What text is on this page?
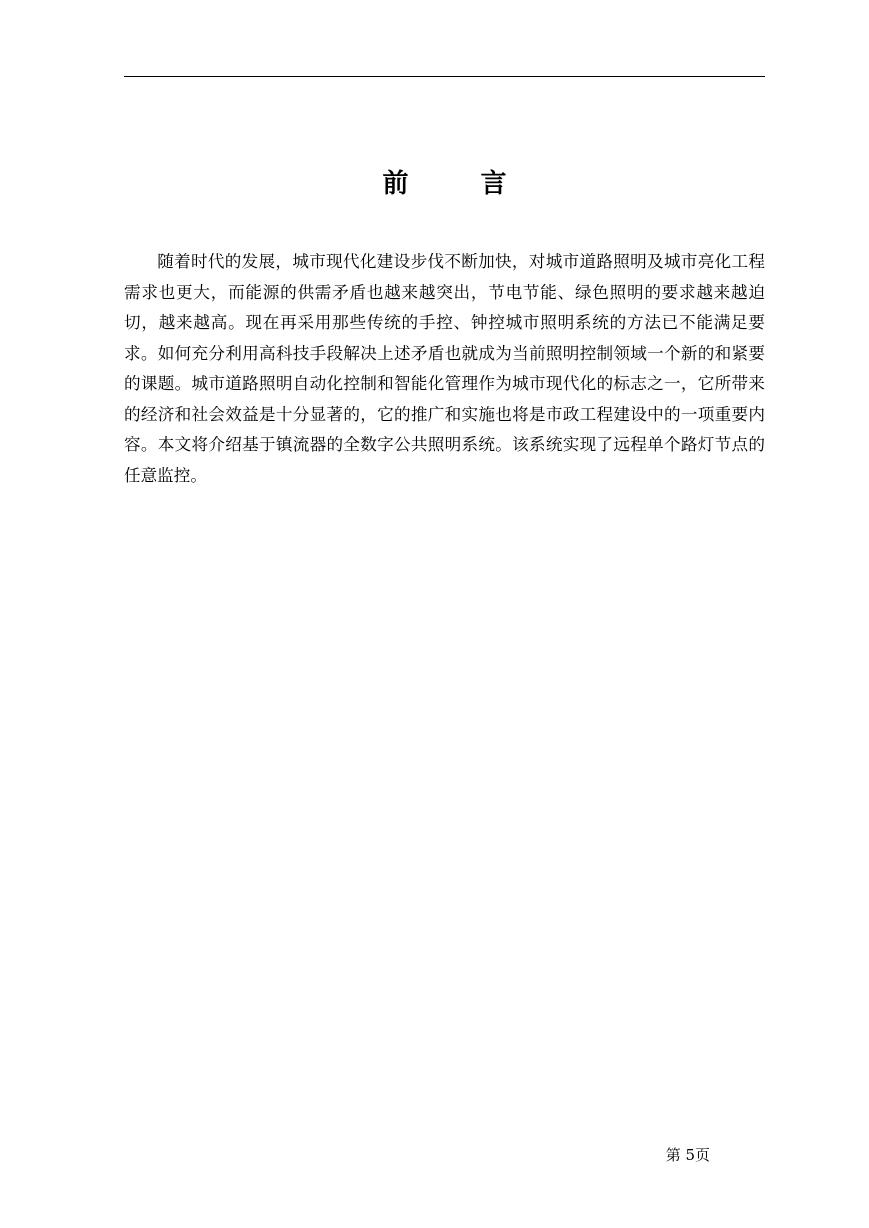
前言

随着时代的发展，城市现代化建设步伐不断加快，对城市道路照明及城市亮化工程需求也更大，而能源的供需矛盾也越来越突出，节电节能、绿色照明的要求越来越迫切，越来越高。现在再采用那些传统的手控、钟控城市照明系统的方法已不能满足要求。如何充分利用高科技手段解决上述矛盾也就成为当前照明控制领域一个新的和紧要的课题。城市道路照明自动化控制和智能化管理作为城市现代化的标志之一，它所带来的经济和社会效益是十分显著的，它的推广和实施也将是市政工程建设中的一项重要内容。本文将介绍基于镇流器的全数字公共照明系统。该系统实现了远程单个路灯节点的任意监控。

第 5页
